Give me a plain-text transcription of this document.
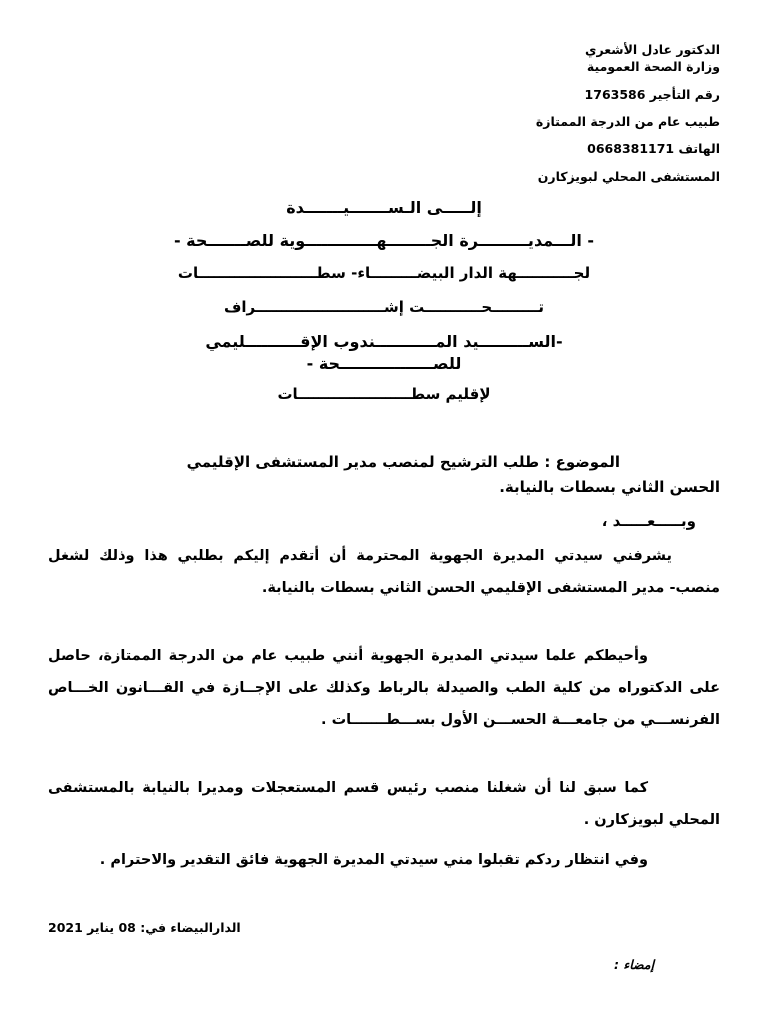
الدكتور عادل الأشعري
وزارة الصحة العمومية
رقم التأجير 1763586
طبيب عام من الدرجة الممتازة
الهاتف 0668381171
المستشفى المحلي لبويزكارن
إلـــــى الـســـــــيـــــــدة
- الـــمديـــــــــرة الجــــــــهـــــــــــــوية للصـــــــحة -
لجـــــــــــهة الدار البيضـــــــــاء- سطـــــــــــــــــــــــات
تـــــــــحـــــــــــت إشـــــــــــــــــــــــــراف
-الســـــــــيد المـــــــــــندوب الإقــــــــــليمي
للصـــــــــــــــــحة -
لإقليم سطــــــــــــــــــــــات
الموضوع : طلب الترشيح لمنصب مدير المستشفى الإقليمي
الحسن الثاني بسطات بالنيابة.
وبـــــعـــــد ،
يشرفني سيدتي المديرة الجهوية المحترمة أن أتقدم إليكم بطلبي هذا وذلك لشغل منصب- مدير المستشفى الإقليمي الحسن الثاني بسطات بالنيابة.
وأحيطكم علما سيدتي المديرة الجهوية أنني طبيب عام من الدرجة الممتازة، حاصل على الدكتوراه من كلية الطب والصيدلة بالرباط وكذلك على الإجــازة في القـــانون الخـــاص الفرنســـي من جامعـــة الحســـن الأول بســـطـــــــات .
كما سبق لنا أن شغلنا منصب رئيس قسم المستعجلات ومديرا بالنيابة بالمستشفى المحلي لبويزكارن .
وفي انتظار ردكم تقبلوا مني سيدتي المديرة الجهوية فائق التقدير والاحترام .
الدارالبيضاء في: 08 يناير 2021
إمضاء :
